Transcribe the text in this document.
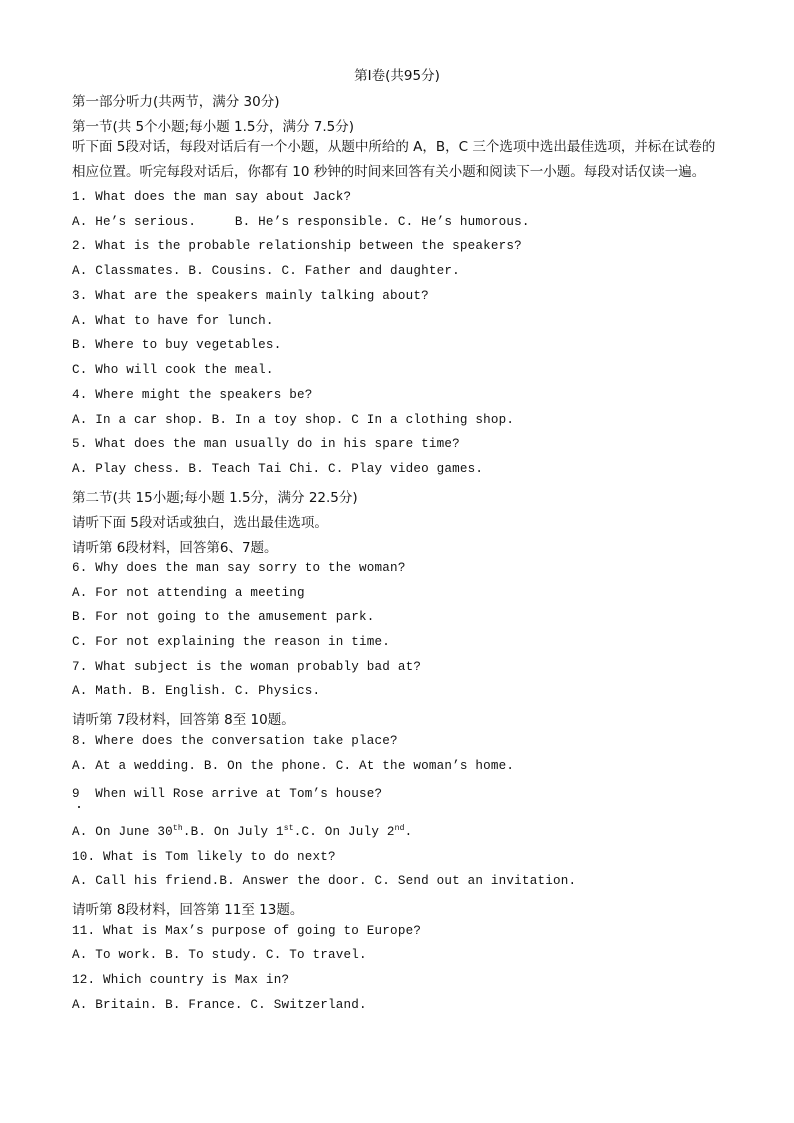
第Ⅰ卷(共95分)
第一部分听力(共两节，满分 30分)
第一节(共 5个小题;每小题 1.5分，满分 7.5分)
听下面 5段对话，每段对话后有一个小题，从题中所给的 A，B，C 三个选项中选出最佳选项，并标在试卷的相应位置。听完每段对话后，你都有 10 秒钟的时间来回答有关小题和阅读下一小题。每段对话仅读一遍。
1. What does the man say about Jack?
A. He’s serious.     B. He’s responsible. C. He’s humorous.
2. What is the probable relationship between the speakers?
A. Classmates. B. Cousins. C. Father and daughter.
3. What are the speakers mainly talking about?
A. What to have for lunch.
B. Where to buy vegetables.
C. Who will cook the meal.
4. Where might the speakers be?
A. In a car shop. B. In a toy shop. C In a clothing shop.
5. What does the man usually do in his spare time?
A. Play chess. B. Teach Tai Chi. C. Play video games.
第二节(共 15小题;每小题 1.5分，满分 22.5分)
请听下面 5段对话或独白，选出最佳选项。
请听第 6段材料，回答第6、7题。
6. Why does the man say sorry to the woman?
A. For not attending a meeting
B. For not going to the amusement park.
C. For not explaining the reason in time.
7. What subject is the woman probably bad at?
A. Math. B. English. C. Physics.
请听第 7段材料，回答第 8至 10题。
8. Where does the conversation take place?
A. At a wedding. B. On the phone. C. At the woman’s home.
9  When will Rose arrive at Tom’s house?
A. On June 30th.B. On July 1st.C. On July 2nd.
10. What is Tom likely to do next?
A. Call his friend.B. Answer the door. C. Send out an invitation.
请听第 8段材料，回答第 11至 13题。
11. What is Max’s purpose of going to Europe?
A. To work. B. To study. C. To travel.
12. Which country is Max in?
A. Britain. B. France. C. Switzerland.
